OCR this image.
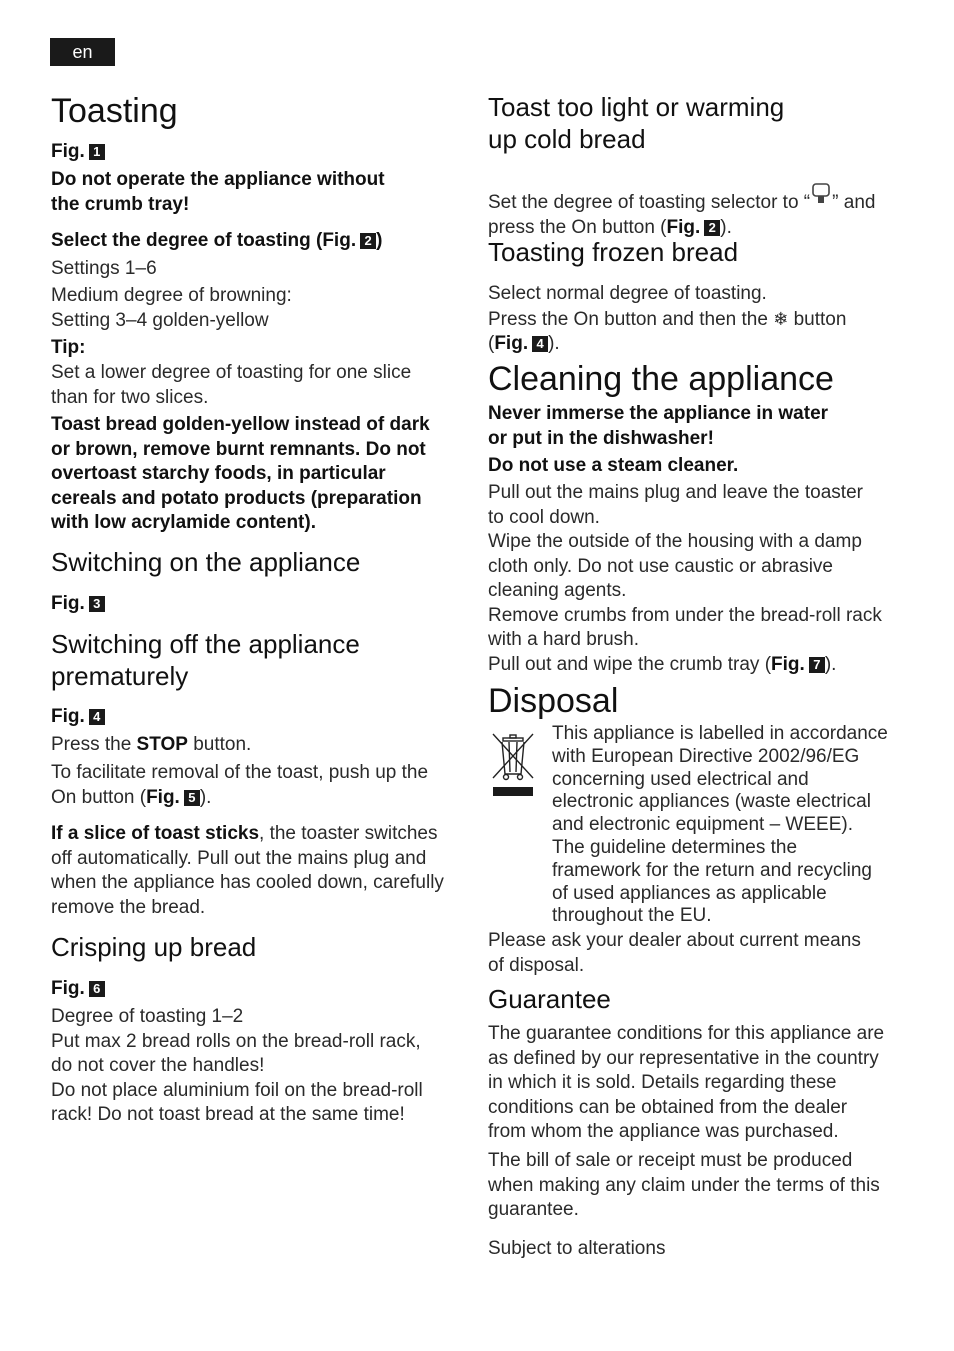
en
Toasting
Fig. 1
Do not operate the appliance without
the crumb tray!
Select the degree of toasting (Fig. 2 )
Settings 1–6
Medium degree of browning:
Setting 3–4 golden-yellow
Tip:
Set a lower degree of toasting for one slice
than for two slices.
Toast bread golden-yellow instead of dark
or brown, remove burnt remnants. Do not
overtoast starchy foods, in particular
cereals and potato products (preparation
with low acrylamide content).
Switching on the appliance
Fig. 3
Switching off the appliance
prematurely
Fig. 4
Press the STOP button.
To facilitate removal of the toast, push up the
On button (Fig. 5 ).
If a slice of toast sticks, the toaster switches
off automatically. Pull out the mains plug and
when the appliance has cooled down, carefully
remove the bread.
Crisping up bread
Fig. 6
Degree of toasting 1–2
Put max 2 bread rolls on the bread-roll rack,
do not cover the handles!
Do not place aluminium foil on the bread-roll
rack! Do not toast bread at the same time!
Toast too light or warming
up cold bread
Set the degree of toasting selector to “ ” and
press the On button (Fig. 2 ).
Toasting frozen bread
Select normal degree of toasting.
Press the On button and then the ❄ button
(Fig. 4 ).
Cleaning the appliance
Never immerse the appliance in water
or put in the dishwasher!
Do not use a steam cleaner.
Pull out the mains plug and leave the toaster
to cool down.
Wipe the outside of the housing with a damp
cloth only. Do not use caustic or abrasive
cleaning agents.
Remove crumbs from under the bread-roll rack
with a hard brush.
Pull out and wipe the crumb tray (Fig. 7 ).
Disposal
This appliance is labelled in accordance
with European Directive 2002/96/EG
concerning used electrical and
electronic appliances (waste electrical
and electronic equipment – WEEE).
The guideline determines the
framework for the return and recycling
of used appliances as applicable
throughout the EU.
Please ask your dealer about current means
of disposal.
Guarantee
The guarantee conditions for this appliance are
as defined by our representative in the country
in which it is sold. Details regarding these
conditions can be obtained from the dealer
from whom the appliance was purchased.
The bill of sale or receipt must be produced
when making any claim under the terms of this
guarantee.
Subject to alterations
